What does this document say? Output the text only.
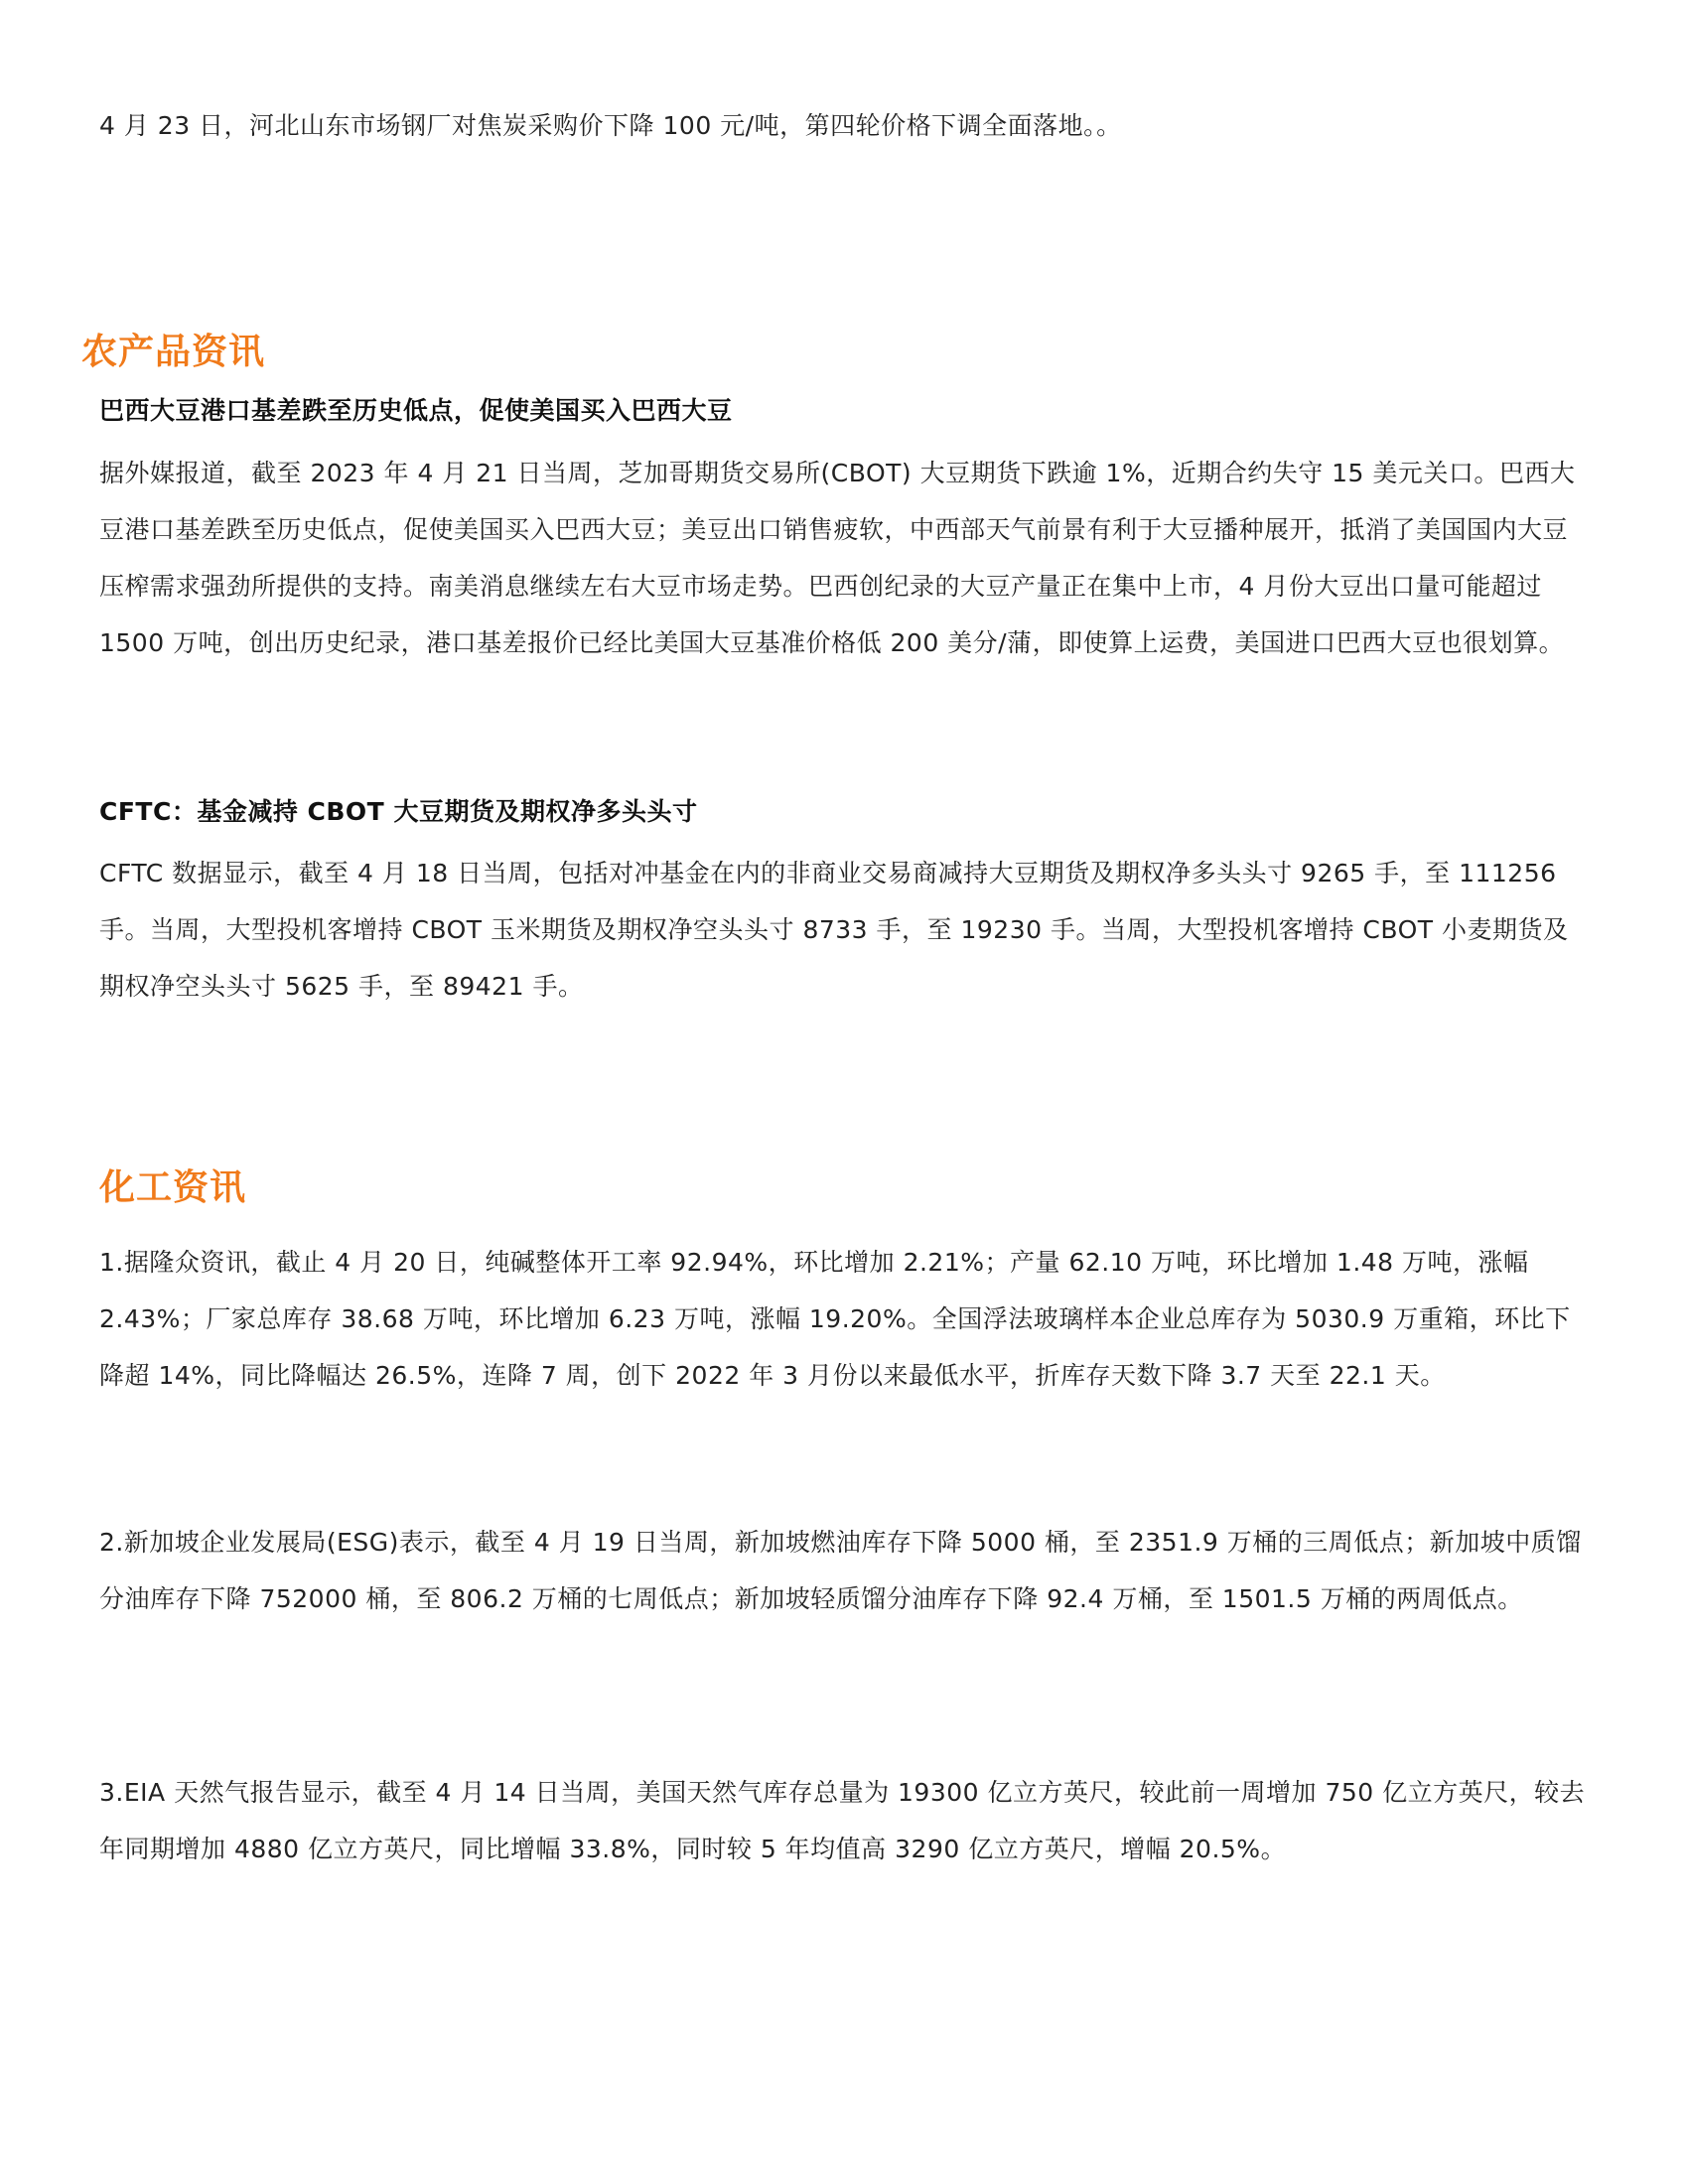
4 月 23 日，河北山东市场钢厂对焦炭采购价下降 100 元/吨，第四轮价格下调全面落地。。

农产品资讯
巴西大豆港口基差跌至历史低点，促使美国买入巴西大豆

据外媒报道，截至 2023 年 4 月 21 日当周，芝加哥期货交易所(CBOT) 大豆期货下跌逾 1%，近期合约失守 15 美元关口。巴西大豆港口基差跌至历史低点，促使美国买入巴西大豆；美豆出口销售疲软，中西部天气前景有利于大豆播种展开，抵消了美国国内大豆压榨需求强劲所提供的支持。南美消息继续左右大豆市场走势。巴西创纪录的大豆产量正在集中上市，4 月份大豆出口量可能超过 1500 万吨，创出历史纪录，港口基差报价已经比美国大豆基准价格低 200 美分/蒲，即使算上运费，美国进口巴西大豆也很划算。

CFTC：基金减持 CBOT 大豆期货及期权净多头头寸

CFTC 数据显示，截至 4 月 18 日当周，包括对冲基金在内的非商业交易商减持大豆期货及期权净多头头寸 9265 手，至 111256 手。当周，大型投机客增持 CBOT 玉米期货及期权净空头头寸 8733 手，至 19230 手。当周，大型投机客增持 CBOT 小麦期货及期权净空头头寸 5625 手，至 89421 手。

化工资讯

1.据隆众资讯，截止 4 月 20 日，纯碱整体开工率 92.94%，环比增加 2.21%；产量 62.10 万吨，环比增加 1.48 万吨，涨幅 2.43%；厂家总库存 38.68 万吨，环比增加 6.23 万吨，涨幅 19.20%。全国浮法玻璃样本企业总库存为 5030.9 万重箱，环比下降超 14%，同比降幅达 26.5%，连降 7 周，创下 2022 年 3 月份以来最低水平，折库存天数下降 3.7 天至 22.1 天。

2.新加坡企业发展局(ESG)表示，截至 4 月 19 日当周，新加坡燃油库存下降 5000 桶，至 2351.9 万桶的三周低点；新加坡中质馏分油库存下降 752000 桶，至 806.2 万桶的七周低点；新加坡轻质馏分油库存下降 92.4 万桶，至 1501.5 万桶的两周低点。

3.EIA 天然气报告显示，截至 4 月 14 日当周，美国天然气库存总量为 19300 亿立方英尺，较此前一周增加 750 亿立方英尺，较去年同期增加 4880 亿立方英尺，同比增幅 33.8%，同时较 5 年均值高 3290 亿立方英尺，增幅 20.5%。
